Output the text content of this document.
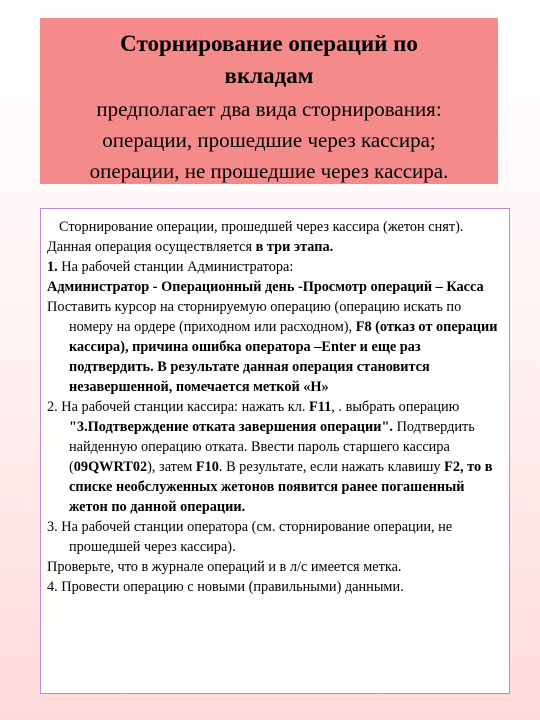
Сторнирование операций по
вкладам

предполагает два вида сторнирования:
операции, прошедшие через кассира;
операции, не прошедшие через кассира.

Сторнирование операции, прошедшей через кассира (жетон снят).

Данная операция осуществляется в три этапа.

1. На рабочей станции Администратора:

Администратор - Операционный день -Просмотр операций – Касса

Поставить курсор на сторнируемую операцию (операцию искать по номеру на ордере (приходном или расходном), F8 (отказ от операции кассира), причина ошибка оператора –Enter и еще раз подтвердить. В результате данная операция становится незавершенной, помечается меткой «Н»

2. На рабочей станции кассира: нажать кл. F11, . выбрать операцию "3.Подтверждение отката завершения операции". Подтвердить найденную операцию отката. Ввести пароль старшего кассира (09QWRT02), затем F10. В результате, если нажать клавишу F2, то в списке необслуженных жетонов появится ранее погашенный жетон по данной операции.

3. На рабочей станции оператора (см. сторнирование операции, не прошедшей через кассира).

Проверьте, что в журнале операций и в л/с имеется метка.

4. Провести операцию с новыми (правильными) данными.
